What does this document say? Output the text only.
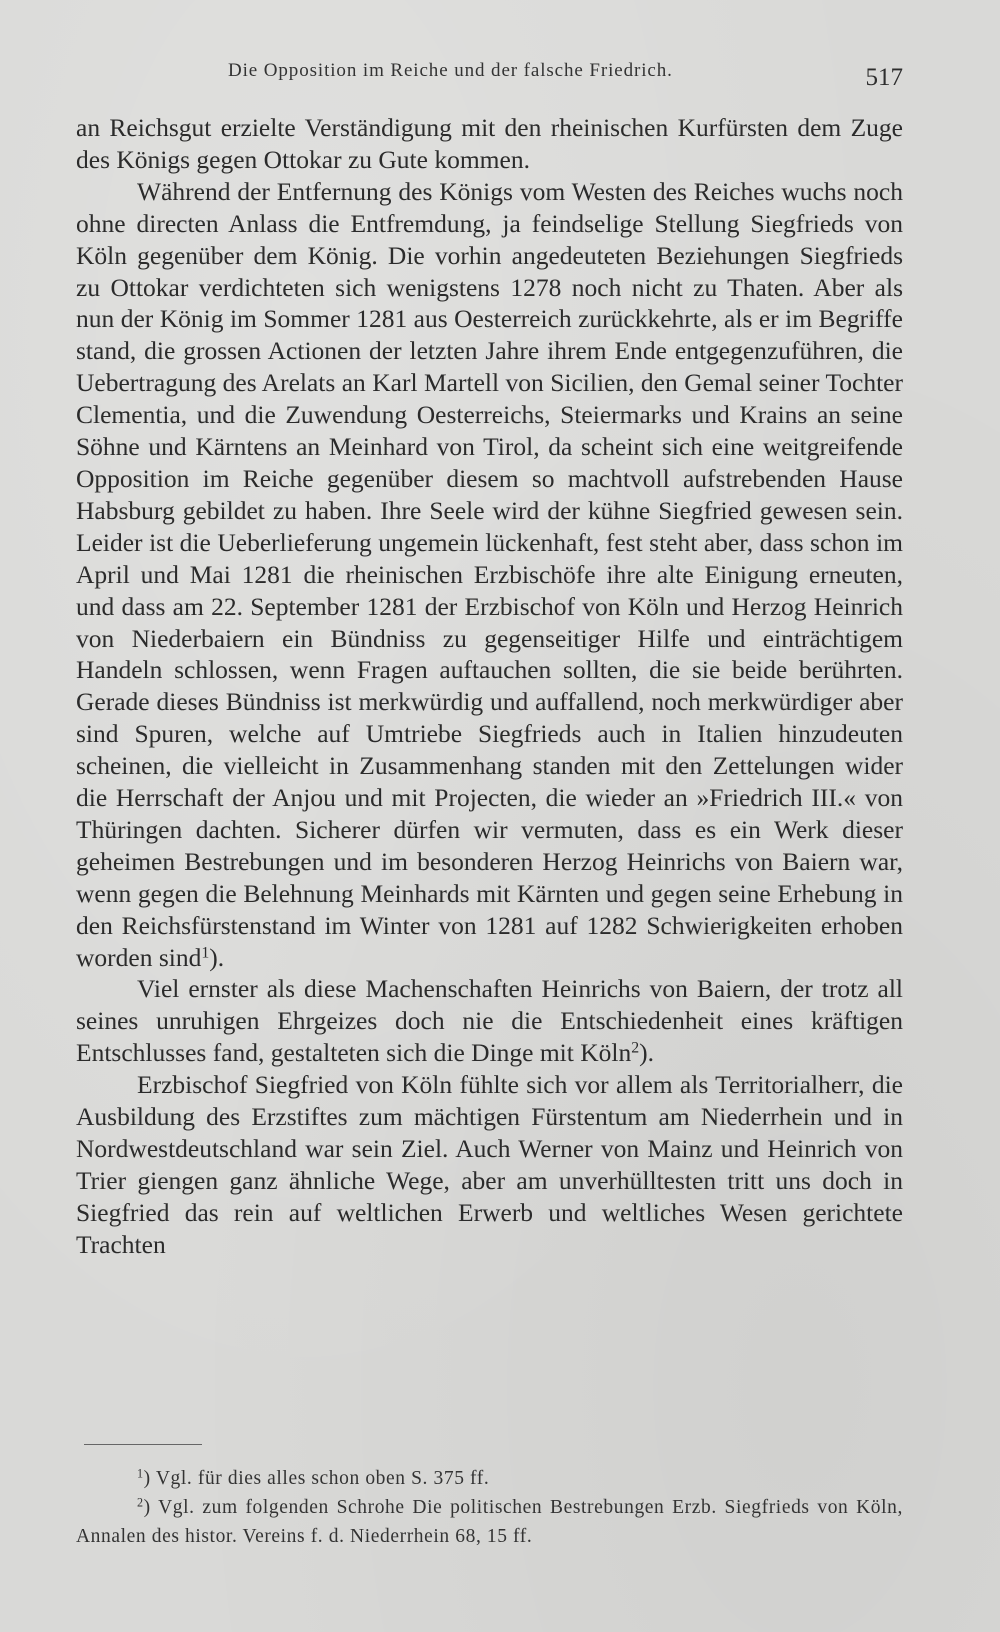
Die Opposition im Reiche und der falsche Friedrich.	517

an Reichsgut erzielte Verständigung mit den rheinischen Kurfürsten dem Zuge des Königs gegen Ottokar zu Gute kommen.

Während der Entfernung des Königs vom Westen des Reiches wuchs noch ohne directen Anlass die Entfremdung, ja feindselige Stellung Siegfrieds von Köln gegenüber dem König. Die vorhin angedeuteten Beziehungen Siegfrieds zu Ottokar verdichteten sich wenigstens 1278 noch nicht zu Thaten. Aber als nun der König im Sommer 1281 aus Oesterreich zurückkehrte, als er im Begriffe stand, die grossen Actionen der letzten Jahre ihrem Ende entgegenzuführen, die Uebertragung des Arelats an Karl Martell von Sicilien, den Gemal seiner Tochter Clementia, und die Zuwendung Oesterreichs, Steiermarks und Krains an seine Söhne und Kärntens an Meinhard von Tirol, da scheint sich eine weitgreifende Opposition im Reiche gegenüber diesem so machtvoll aufstrebenden Hause Habsburg gebildet zu haben. Ihre Seele wird der kühne Siegfried gewesen sein. Leider ist die Ueberlieferung ungemein lückenhaft, fest steht aber, dass schon im April und Mai 1281 die rheinischen Erzbischöfe ihre alte Einigung erneuten, und dass am 22. September 1281 der Erzbischof von Köln und Herzog Heinrich von Niederbaiern ein Bündniss zu gegenseitiger Hilfe und einträchtigem Handeln schlossen, wenn Fragen auftauchen sollten, die sie beide berührten. Gerade dieses Bündniss ist merkwürdig und auffallend, noch merkwürdiger aber sind Spuren, welche auf Umtriebe Siegfrieds auch in Italien hinzudeuten scheinen, die vielleicht in Zusammenhang standen mit den Zettelungen wider die Herrschaft der Anjou und mit Projecten, die wieder an »Friedrich III.« von Thüringen dachten. Sicherer dürfen wir vermuten, dass es ein Werk dieser geheimen Bestrebungen und im besonderen Herzog Heinrichs von Baiern war, wenn gegen die Belehnung Meinhards mit Kärnten und gegen seine Erhebung in den Reichsfürstenstand im Winter von 1281 auf 1282 Schwierigkeiten erhoben worden sind$^1$).

Viel ernster als diese Machenschaften Heinrichs von Baiern, der trotz all seines unruhigen Ehrgeizes doch nie die Entschiedenheit eines kräftigen Entschlusses fand, gestalteten sich die Dinge mit Köln$^2$).

Erzbischof Siegfried von Köln fühlte sich vor allem als Territorialherr, die Ausbildung des Erzstiftes zum mächtigen Fürstentum am Niederrhein und in Nordwestdeutschland war sein Ziel. Auch Werner von Mainz und Heinrich von Trier giengen ganz ähnliche Wege, aber am unverhülltesten tritt uns doch in Siegfried das rein auf weltlichen Erwerb und weltliches Wesen gerichtete Trachten

$^1$) Vgl. für dies alles schon oben S. 375 ff.

$^2$) Vgl. zum folgenden Schrohe Die politischen Bestrebungen Erzb. Siegfrieds von Köln, Annalen des histor. Vereins f. d. Niederrhein 68, 15 ff.
